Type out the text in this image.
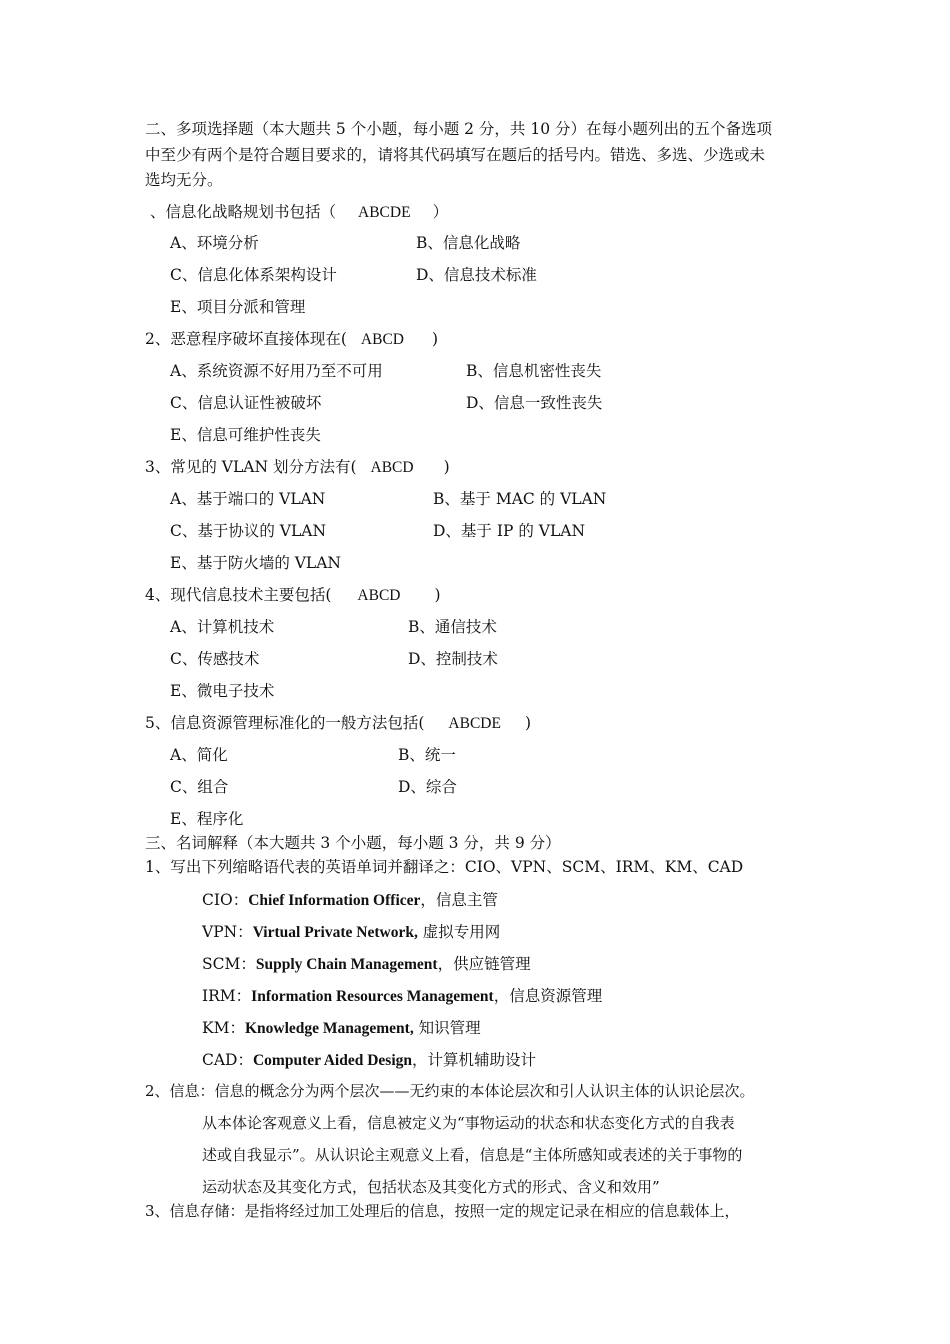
二、多项选择题（本大题共 5 个小题，每小题 2 分，共 10 分）在每小题列出的五个备选项
中至少有两个是符合题目要求的，请将其代码填写在题后的括号内。错选、多选、少选或未
选均无分。
、信息化战略规划书包括（ ABCDE ）
A、环境分析	B、信息化战略
C、信息化体系架构设计	D、信息技术标准
E、项目分派和管理
2、恶意程序破坏直接体现在( ABCD )
A、系统资源不好用乃至不可用	B、信息机密性丧失
C、信息认证性被破坏	D、信息一致性丧失
E、信息可维护性丧失
3、常见的 VLAN 划分方法有( ABCD )
A、基于端口的 VLAN	B、基于 MAC 的 VLAN
C、基于协议的 VLAN	D、基于 IP 的 VLAN
E、基于防火墙的 VLAN
4、现代信息技术主要包括( ABCD )
A、计算机技术	B、通信技术
C、传感技术	D、控制技术
E、微电子技术
5、信息资源管理标准化的一般方法包括( ABCDE )
A、简化	B、统一
C、组合	D、综合
E、程序化
三、名词解释（本大题共 3 个小题，每小题 3 分，共 9 分）
1、写出下列缩略语代表的英语单词并翻译之：CIO、VPN、SCM、IRM、KM、CAD
CIO：Chief Information Officer，信息主管
VPN：Virtual Private Network, 虚拟专用网
SCM：Supply Chain Management，供应链管理
IRM：Information Resources Management，信息资源管理
KM：Knowledge Management, 知识管理
CAD：Computer Aided Design，计算机辅助设计
2、信息：信息的概念分为两个层次——无约束的本体论层次和引人认识主体的认识论层次。
从本体论客观意义上看，信息被定义为“事物运动的状态和状态变化方式的自我表
述或自我显示”。从认识论主观意义上看，信息是“主体所感知或表述的关于事物的
运动状态及其变化方式，包括状态及其变化方式的形式、含义和效用”
3、信息存储：是指将经过加工处理后的信息，按照一定的规定记录在相应的信息载体上，
